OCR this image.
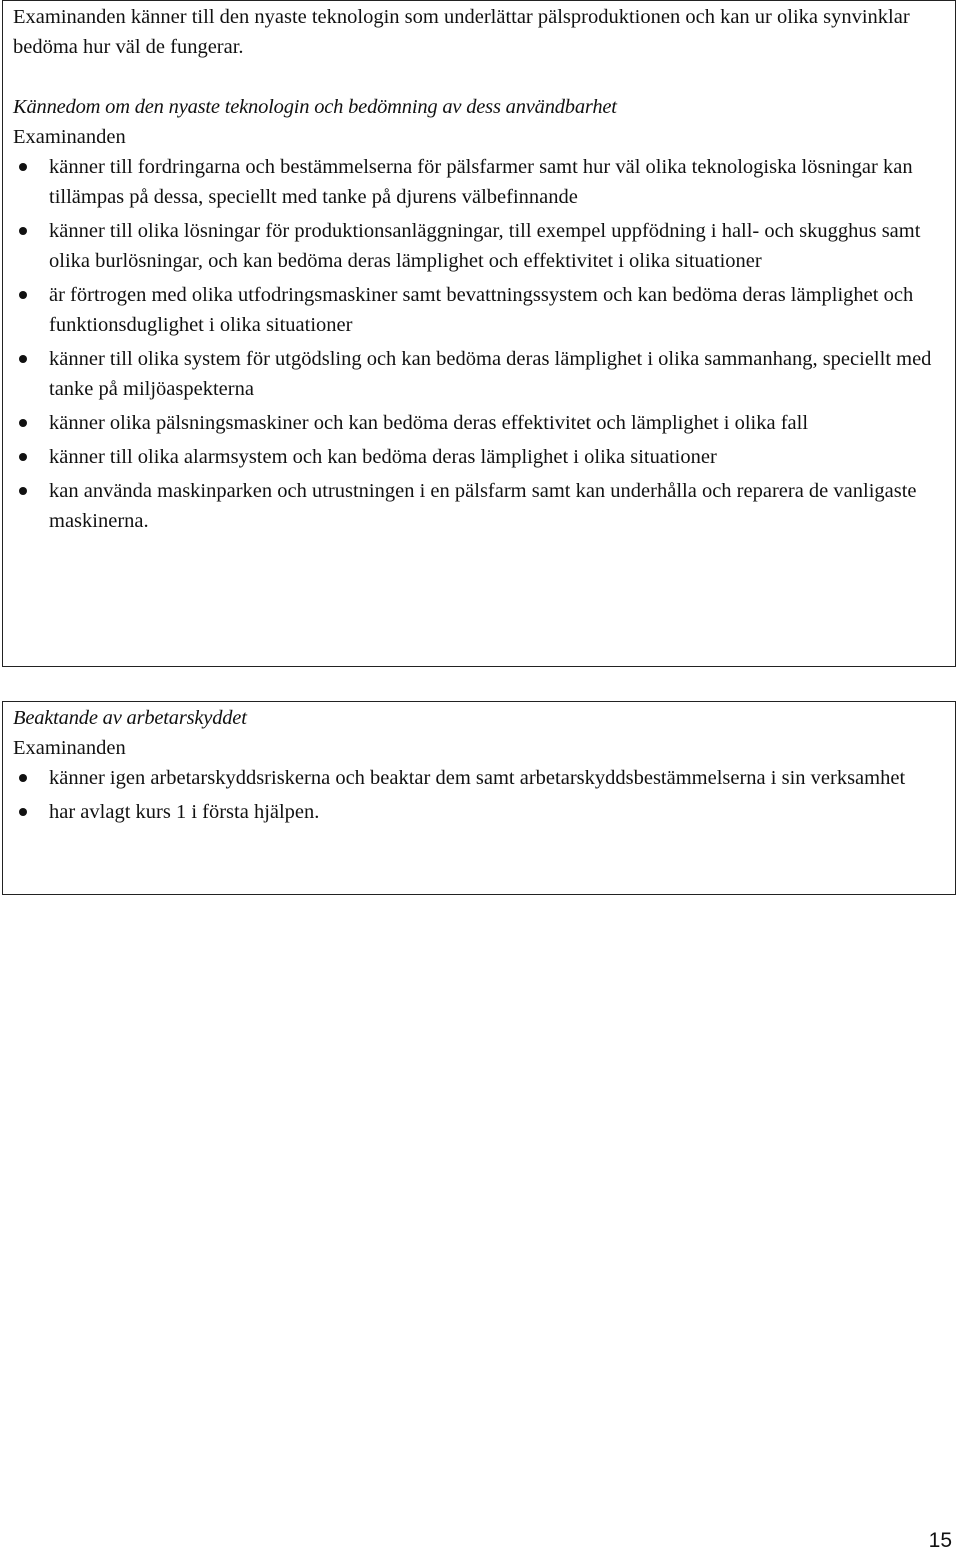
Examinanden känner till den nyaste teknologin som underlättar pälsproduktionen och kan ur olika synvinklar bedöma hur väl de fungerar.

Kännedom om den nyaste teknologin och bedömning av dess användbarhet

Examinanden

känner till fordringarna och bestämmelserna för pälsfarmer samt hur väl olika teknologiska lösningar kan tillämpas på dessa, speciellt med tanke på djurens välbefinnande
känner till olika lösningar för produktionsanläggningar, till exempel uppfödning i hall- och skugghus samt olika burlösningar, och kan bedöma deras lämplighet och effektivitet i olika situationer
är förtrogen med olika utfodringsmaskiner samt bevattningssystem och kan bedöma deras lämplighet och funktionsduglighet i olika situationer
känner till olika system för utgödsling och kan bedöma deras lämplighet i olika sammanhang, speciellt med tanke på miljöaspekterna
känner olika pälsningsmaskiner och kan bedöma deras effektivitet och lämplighet i olika fall
känner till olika alarmsystem och kan bedöma deras lämplighet i olika situationer
kan använda maskinparken och utrustningen i en pälsfarm samt kan underhålla och reparera de vanligaste maskinerna.

Beaktande av arbetarskyddet

Examinanden

känner igen arbetarskyddsriskerna och beaktar dem samt arbetarskyddsbestämmelserna i sin verksamhet
har avlagt kurs 1 i första hjälpen.
15
